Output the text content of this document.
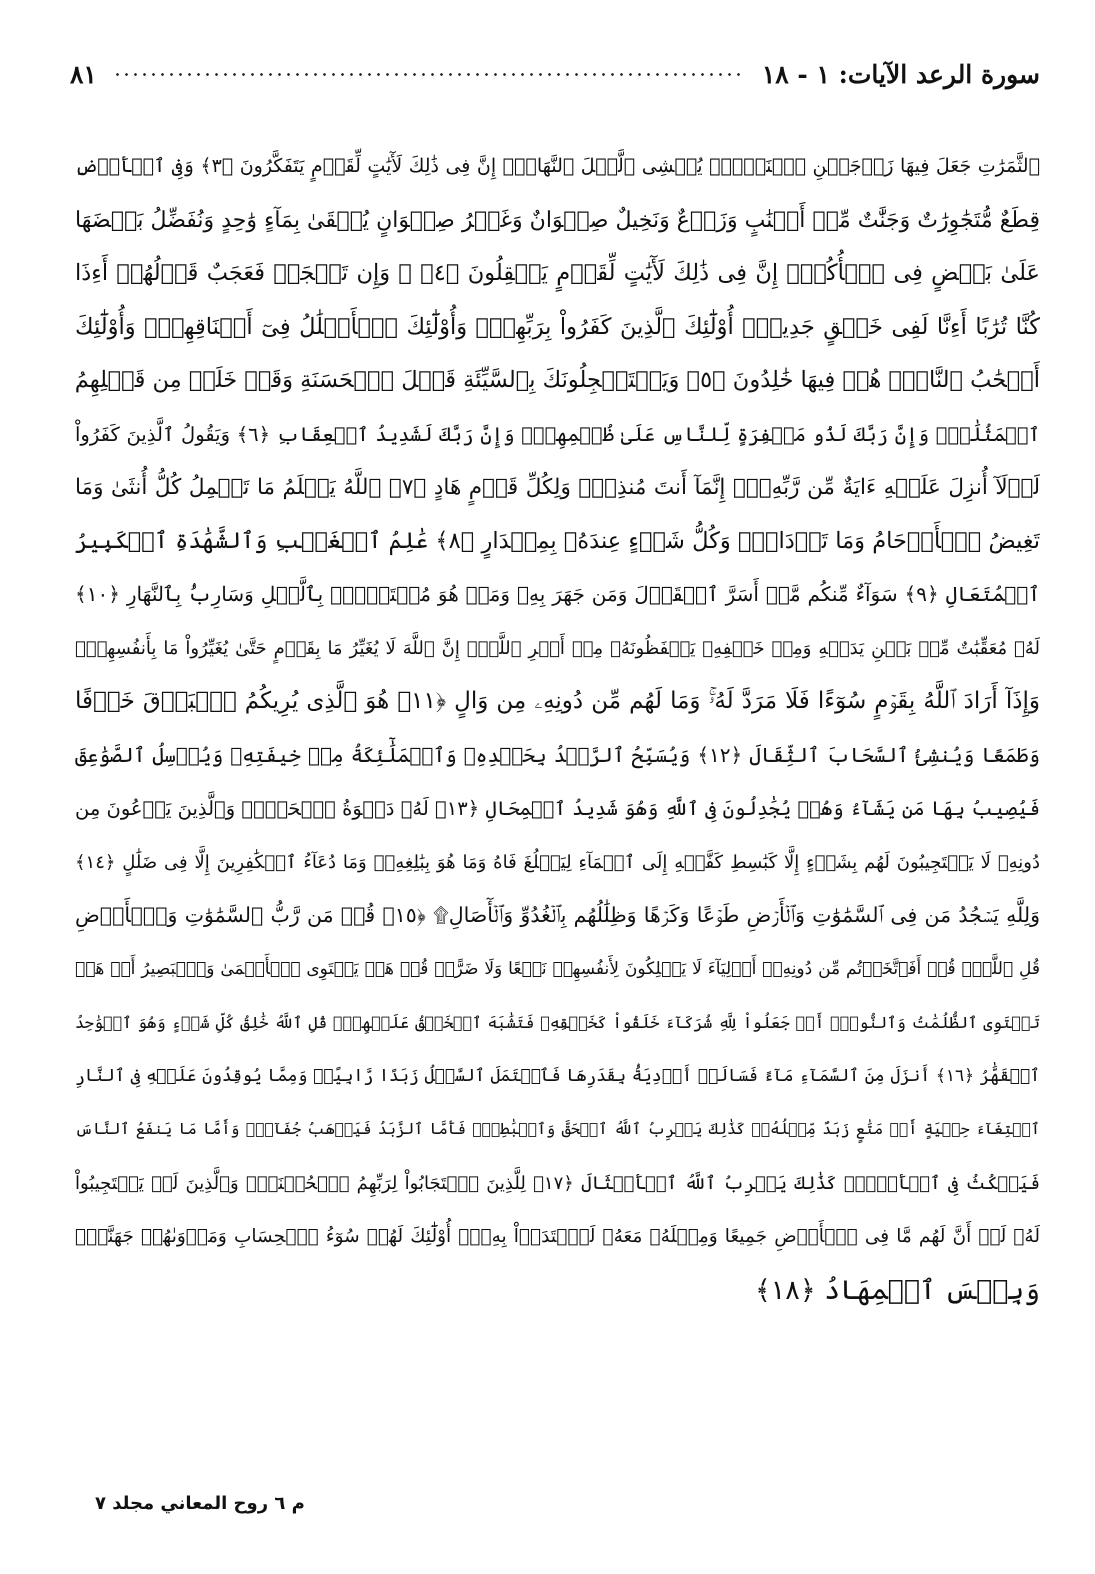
سورة الرعد الآيات: ١ - ١٨
٨١
ٱلثَّمَرَٰتِ جَعَلَ فِيهَا زَوۡجَيۡنِ ٱثۡنَيۡنِۖ يُغۡشِى ٱلَّيۡلَ ٱلنَّهَارَۚ إِنَّ فِى ذَٰلِكَ لَأٓيَٰتٍ لِّقَوۡمٍ يَتَفَكَّرُونَ ﴿٣﴾ وَفِى ٱلۡأَرۡضِ
قِطَعٌ مُّتَجَٰوِرَٰتٌ وَجَنَّٰتٌ مِّنۡ أَعۡنَٰبٍ وَزَرۡعٌ وَنَخِيلٌ صِنۡوَانٌ وَغَيۡرُ صِنۡوَانٍ يُسۡقَىٰ بِمَآءٍ وَٰحِدٍ وَنُفَضِّلُ بَعۡضَهَا
عَلَىٰ بَعۡضٍ فِى ٱلۡأُكُلِۚ إِنَّ فِى ذَٰلِكَ لَأٓيَٰتٍ لِّقَوۡمٍ يَعۡقِلُونَ ﴿٤﴾ ۞ وَإِن تَعۡجَبۡ فَعَجَبٌ قَوۡلُهُمۡ أَءِذَا
كُنَّا تُرَٰبًا أَءِنَّا لَفِى خَلۡقٍ جَدِيدٍۗ أُوْلَٰٓئِكَ ٱلَّذِينَ كَفَرُواْ بِرَبِّهِمۡۖ وَأُوْلَٰٓئِكَ ٱلۡأَغۡلَٰلُ فِىٓ أَعۡنَاقِهِمۡۖ وَأُوْلَٰٓئِكَ
أَصۡحَٰبُ ٱلنَّارِۖ هُمۡ فِيهَا خَٰلِدُونَ ﴿٥﴾ وَيَسۡتَعۡجِلُونَكَ بِٱلسَّيِّئَةِ قَبۡلَ ٱلۡحَسَنَةِ وَقَدۡ خَلَتۡ مِن قَبۡلِهِمُ
ٱلۡمَثُلَٰتُۗ وَإِنَّ رَبَّكَ لَذُو مَغۡفِرَةٍ لِّلنَّاسِ عَلَىٰ ظُلۡمِهِمۡۖ وَإِنَّ رَبَّكَ لَشَدِيدُ ٱلۡعِقَابِ ﴿٦﴾ وَيَقُولُ ٱلَّذِينَ كَفَرُواْ
لَوۡلَآ أُنزِلَ عَلَيۡهِ ءَايَةٌ مِّن رَّبِّهِۦٓۗ إِنَّمَآ أَنتَ مُنذِرٌۖ وَلِكُلِّ قَوۡمٍ هَادٍ ﴿٧﴾ ٱللَّهُ يَعۡلَمُ مَا تَحۡمِلُ كُلُّ أُنثَىٰ وَمَا
تَغِيضُ ٱلۡأَرۡحَامُ وَمَا تَزۡدَادُۖ وَكُلُّ شَىۡءٍ عِندَهُۥ بِمِقۡدَارٍ ﴿٨﴾ عَٰلِمُ ٱلۡغَيۡبِ وَٱلشَّهَٰدَةِ ٱلۡكَبِيرُ
ٱلۡمُتَعَالِ ﴿٩﴾ سَوَآءٌ مِّنكُم مَّنۡ أَسَرَّ ٱلۡقَوۡلَ وَمَن جَهَرَ بِهِۦ وَمَنۡ هُوَ مُسۡتَخۡفٍۭ بِٱلَّيۡلِ وَسَارِبُۢ بِٱلنَّهَارِ ﴿١٠﴾
لَهُۥ مُعَقِّبَٰتٌ مِّنۢ بَيۡنِ يَدَيۡهِ وَمِنۡ خَلۡفِهِۦ يَحۡفَظُونَهُۥ مِنۡ أَمۡرِ ٱللَّهِۗ إِنَّ ٱللَّهَ لَا يُغَيِّرُ مَا بِقَوۡمٍ حَتَّىٰ يُغَيِّرُواْ مَا بِأَنفُسِهِمۡۗ
وَإِذَآ أَرَادَ ٱللَّهُ بِقَوۡمٍ سُوٓءًا فَلَا مَرَدَّ لَهُۥۚ وَمَا لَهُم مِّن دُونِهِۦ مِن وَالٍ ﴿١١﴾ هُوَ ٱلَّذِى يُرِيكُمُ ٱلۡبَرۡقَ خَوۡفًا
وَطَمَعًا وَيُنشِئُ ٱلسَّحَابَ ٱلثِّقَالَ ﴿١٢﴾ وَيُسَبِّحُ ٱلرَّعۡدُ بِحَمۡدِهِۦ وَٱلۡمَلَٰٓئِكَةُ مِنۡ خِيفَتِهِۦ وَيُرۡسِلُ ٱلصَّوَٰعِقَ
فَيُصِيبُ بِهَا مَن يَشَآءُ وَهُمۡ يُجَٰدِلُونَ فِى ٱللَّهِ وَهُوَ شَدِيدُ ٱلۡمِحَالِ ﴿١٣﴾ لَهُۥ دَعۡوَةُ ٱلۡحَقِّۖ وَٱلَّذِينَ يَدۡعُونَ مِن
دُونِهِۦ لَا يَسۡتَجِيبُونَ لَهُم بِشَىۡءٍ إِلَّا كَبَٰسِطِ كَفَّيۡهِ إِلَى ٱلۡمَآءِ لِيَبۡلُغَ فَاهُ وَمَا هُوَ بِبَٰلِغِهِۦۚ وَمَا دُعَآءُ ٱلۡكَٰفِرِينَ إِلَّا فِى ضَلَٰلٍ ﴿١٤﴾
وَلِلَّهِ يَسۡجُدُ مَن فِى ٱلسَّمَٰوَٰتِ وَٱلۡأَرۡضِ طَوۡعًا وَكَرۡهًا وَظِلَٰلُهُم بِٱلۡغُدُوِّ وَٱلۡأٓصَالِ۩ ﴿١٥﴾ قُلۡ مَن رَّبُّ ٱلسَّمَٰوَٰتِ وَٱلۡأَرۡضِ
قُلِ ٱللَّهُۚ قُلۡ أَفَٱتَّخَذۡتُم مِّن دُونِهِۦٓ أَوۡلِيَآءَ لَا يَمۡلِكُونَ لِأَنفُسِهِمۡ نَفۡعًا وَلَا ضَرًّاۚ قُلۡ هَلۡ يَسۡتَوِى ٱلۡأَعۡمَىٰ وَٱلۡبَصِيرُ أَمۡ هَلۡ
تَسۡتَوِى ٱلظُّلُمَٰتُ وَٱلنُّورُۗ أَمۡ جَعَلُواْ لِلَّهِ شُرَكَآءَ خَلَقُواْ كَخَلۡقِهِۦ فَتَشَٰبَهَ ٱلۡخَلۡقُ عَلَيۡهِمۡۚ قُلِ ٱللَّهُ خَٰلِقُ كُلِّ شَىۡءٍ وَهُوَ ٱلۡوَٰحِدُ
ٱلۡقَهَّٰرُ ﴿١٦﴾ أَنزَلَ مِنَ ٱلسَّمَآءِ مَآءً فَسَالَتۡ أَوۡدِيَةُۢ بِقَدَرِهَا فَٱحۡتَمَلَ ٱلسَّيۡلُ زَبَدًا رَّابِيًاۖ وَمِمَّا يُوقِدُونَ عَلَيۡهِ فِى ٱلنَّارِ
ٱبۡتِغَآءَ حِلۡيَةٍ أَوۡ مَتَٰعٍ زَبَدٌ مِّثۡلُهُۥۚ كَذَٰلِكَ يَضۡرِبُ ٱللَّهُ ٱلۡحَقَّ وَٱلۡبَٰطِلَۚ فَأَمَّا ٱلزَّبَدُ فَيَذۡهَبُ جُفَآءًۖ وَأَمَّا مَا يَنفَعُ ٱلنَّاسَ
فَيَمۡكُثُ فِى ٱلۡأَرۡضِۚ كَذَٰلِكَ يَضۡرِبُ ٱللَّهُ ٱلۡأَمۡثَالَ ﴿١٧﴾ لِلَّذِينَ ٱسۡتَجَابُواْ لِرَبِّهِمُ ٱلۡحُسۡنَىٰۚ وَٱلَّذِينَ لَمۡ يَسۡتَجِيبُواْ
لَهُۥ لَوۡ أَنَّ لَهُم مَّا فِى ٱلۡأَرۡضِ جَمِيعًا وَمِثۡلَهُۥ مَعَهُۥ لَٱفۡتَدَوۡاْ بِهِۦٓۚ أُوْلَٰٓئِكَ لَهُمۡ سُوٓءُ ٱلۡحِسَابِ وَمَأۡوَىٰهُمۡ جَهَنَّمُۖ
وَبِئۡسَ ٱلۡمِهَادُ ﴿١٨﴾
م ٦ روح المعاني مجلد ٧
